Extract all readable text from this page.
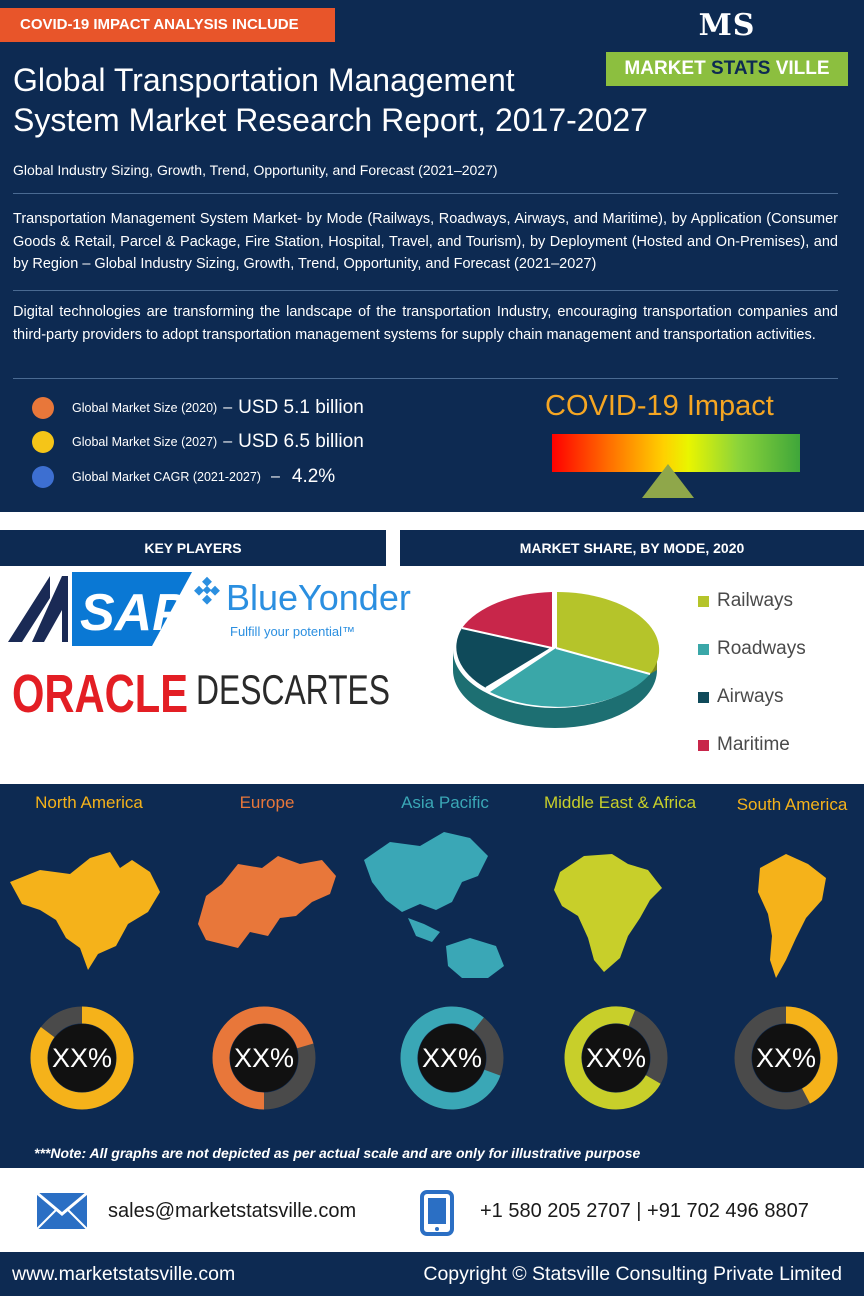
COVID-19 IMPACT ANALYSIS INCLUDE	MS
MARKET STATS VILLE
Global Transportation Management
System Market Research Report, 2017-2027
Global Industry Sizing, Growth, Trend, Opportunity, and Forecast (2021–2027)
Transportation Management System Market- by Mode (Railways, Roadways, Airways, and Maritime), by Application (Consumer Goods & Retail, Parcel & Package, Fire Station, Hospital, Travel, and Tourism), by Deployment (Hosted and On-Premises), and by Region – Global Industry Sizing, Growth, Trend, Opportunity, and Forecast (2021–2027)
Digital technologies are transforming the landscape of the transportation Industry, encouraging transportation companies and third-party providers to adopt transportation management systems for supply chain management and transportation activities.
Global Market Size (2020) – USD 5.1 billion
Global Market Size (2027) – USD 6.5 billion
Global Market CAGR (2021-2027) – 4.2%
COVID-19 Impact
KEY PLAYERS	MARKET SHARE, BY MODE, 2020
SAP BlueYonder
Fulfill your potential™
ORACLE DESCARTES
Railways
Roadways
Airways
Maritime
North America	Europe	Asia Pacific	Middle East & Africa	South America
XX%	XX%	XX%	XX%	XX%
***Note: All graphs are not depicted as per actual scale and are only for illustrative purpose
sales@marketstatsville.com	+1 580 205 2707 | +91 702 496 8807
www.marketstatsville.com	Copyright © Statsville Consulting Private Limited
